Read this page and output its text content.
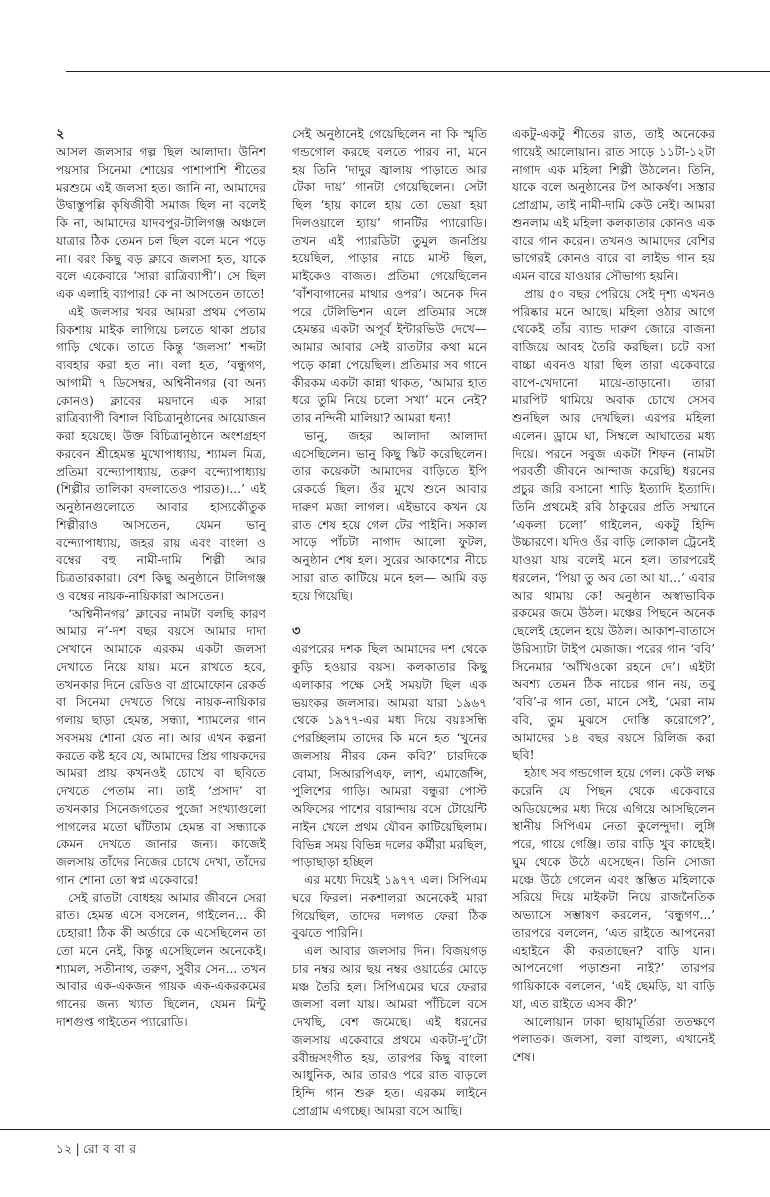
২

আসল জলসার গল্প ছিল আলাদা। উনিশ পয়সার সিনেমা শোয়ের পাশাপাশি শীতের মরশুমে এই জলসা হত। জানি না, আমাদের উদ্বাস্তুপল্লি কৃষিজীবী সমাজ ছিল না বলেই কি না, আমাদের যাদবপুর-টালিগঞ্জ অঞ্চলে যাত্রার ঠিক তেমন চল ছিল বলে মনে পড়ে না। বরং কিছু বড় ক্লাবে জলসা হত, যাকে বলে একেবারে ‘সারা রাত্রিব্যাপী’। সে ছিল এক এলাহি ব্যাপার! কে না আসতেন তাতে!

এই জলসার খবর আমরা প্রথম পেতাম রিকশায় মাইক লাগিয়ে চলতে থাকা প্রচার গাড়ি থেকে। তাতে কিন্তু ‘জলসা’ শব্দটা ব্যবহার করা হত না। বলা হত, ‘বন্ধুগণ, আগামী ৭ ডিসেম্বর, অশ্বিনীনগর (বা অন্য কোনও) ক্লাবের ময়দানে এক সারা রাত্রিব্যাপী বিশাল বিচিত্রানুষ্ঠানের আয়োজন করা হয়েছে। উক্ত বিচিত্রানুষ্ঠানে অংশগ্রহণ করবেন শ্রীহেমন্ত মুখোপাধ্যায়, শ্যামল মিত্র, প্রতিমা বন্দ্যোপাধ্যায়, তরুণ বন্দ্যোপাধ্যায় (শিল্পীর তালিকা বদলাতেও পারত)।...’ এই অনুষ্ঠানগুলোতে আবার হাস্যকৌতুক শিল্পীরাও আসতেন, যেমন ভানু বন্দ্যোপাধ্যায়, জহর রায় এবং বাংলা ও বম্বের বহু নামী-দামি শিল্পী আর চিত্রতারকারা। বেশ কিছু অনুষ্ঠানে টালিগঞ্জ ও বম্বের নায়ক-নায়িকারা আসতেন।

‘অশ্বিনীনগর’ ক্লাবের নামটা বলছি কারণ আমার ন’-দশ বছর বয়সে আমার দাদা সেখানে আমাকে এরকম একটা জলসা দেখাতে নিয়ে যায়। মনে রাখতে হবে, তখনকার দিনে রেডিও বা গ্রামোফোন রেকর্ড বা সিনেমা দেখতে গিয়ে নায়ক-নায়িকার গলায় ছাড়া হেমন্ত, সন্ধ্যা, শ্যামলের গান সবসময় শোনা যেত না। আর এখন কল্পনা করতে কষ্ট হবে যে, আমাদের প্রিয় গায়কদের আমরা প্রায় কখনওই চোখে বা ছবিতে দেখতে পেতাম না। তাই ‘প্রসাদ’ বা তখনকার সিনেজগতের পুজো সংখ্যাগুলো পাগলের মতো ঘাঁটতাম হেমন্ত বা সন্ধ্যাকে কেমন দেখতে জানার জন্য। কাজেই জলসায় তাঁদের নিজের চোখে দেখা, তাঁদের গান শোনা তো স্বপ্ন একেবারে!

সেই রাতটা বোধহয় আমার জীবনে সেরা রাত। হেমন্ত এসে বসলেন, গাইলেন... কী চেহারা! ঠিক কী অর্ডারে কে এসেছিলেন তা তো মনে নেই, কিন্তু এসেছিলেন অনেকেই। শ্যামল, সতীনাথ, তরুণ, সুবীর সেন... তখন আবার এক-একজন গায়ক এক-একরকমের গানের জন্য খ্যাত ছিলেন, যেমন মিন্টু দাশগুপ্ত গাইতেন প্যারোডি।

সেই অনুষ্ঠানেই গেয়েছিলেন না কি স্মৃতি গন্ডগোল করছে বলতে পারব না, মনে হয় তিনি ‘দাদুর জ্বালায় পাড়াতে আর টেকা দায়’ গানটা গেয়েছিলেন। সেটা ছিল ‘হায় কালে হায় তো ভেয়া হয়া দিলওয়ালে হ্যায়’ গানটির প্যারোডি। তখন এই প্যারডিটা তুমুল জনপ্রিয় হয়েছিল, পাড়ার নাচে মাস্ট ছিল, মাইকেও বাজত। প্রতিমা গেয়েছিলেন ‘বাঁশবাগানের মাথার ওপর’। অনেক দিন পরে টেলিভিশন এলে প্রতিমার সঙ্গে হেমন্তর একটা অপূর্ব ইন্টারভিউ দেখে— আমার আবার সেই রাতটার কথা মনে পড়ে কান্না পেয়েছিল। প্রতিমার সব গানে কীরকম একটা কান্না থাকত, ‘আমার হাত ধরে তুমি নিয়ে চলো সখা’ মনে নেই? তার নন্দিনী মালিয়া? আমরা ধন্য!

ভানু, জহর আলাদা আলাদা এসেছিলেন। ভানু কিছু স্কিট করেছিলেন। তার কয়েকটা আমাদের বাড়িতে ইপি রেকর্ডে ছিল। ওঁর মুখে শুনে আবার দারুণ মজা লাগল। এইভাবে কখন যে রাত শেষ হয়ে গেল টের পাইনি। সকাল সাড়ে পাঁচটা নাগাদ আলো ফুটল, অনুষ্ঠান শেষ হল। সুরের আকাশের নীচে সারা রাত কাটিয়ে মনে হল— আমি বড় হয়ে গিয়েছি।

৩

এরপরের দশক ছিল আমাদের দশ থেকে কুড়ি হওয়ার বয়স। কলকাতার কিছু এলাকার পক্ষে সেই সময়টা ছিল এক ভয়ংকর জলসার। আমরা যারা ১৯৬৭ থেকে ১৯৭৭-এর মধ্য দিয়ে বয়ঃসন্ধি পেরচ্ছিলাম তাদের কি মনে হত ‘খুনের জলসায় নীরব কেন কবি?’ চারদিকে বোমা, সিআরপিএফ, লাশ, এমার্জেন্সি, পুলিশের গাড়ি। আমরা বন্ধুরা পোস্ট অফিসের পাশের বারান্দায় বসে টোয়েন্টি নাইন খেলে প্রথম যৌবন কাটিয়েছিলাম। বিভিন্ন সময় বিভিন্ন দলের কর্মীরা মরছিল, পাড়াছাড়া হচ্ছিল

এর মধ্যে দিয়েই ১৯৭৭ এল। সিপিএম ঘরে ফিরল। নকশালরা অনেকেই মারা গিয়েছিল, তাদের দলগত ফেরা ঠিক বুঝতে পারিনি।

এল আবার জলসার দিন। বিজয়গড় চার নম্বর আর ছয় নম্বর ওয়ার্ডের মোড়ে মঞ্চ তৈরি হল। সিপিএমের ঘরে ফেরার জলসা বলা যায়। আমরা পাঁচিলে বসে দেখছি, বেশ জমেছে। এই ধরনের জলসায় একেবারে প্রথমে একটা-দু’টো রবীন্দ্রসংগীত হয়, তারপর কিছু বাংলা আধুনিক, আর তারও পরে রাত বাড়লে হিন্দি গান শুরু হত। এরকম লাইনে প্রোগ্রাম এগচ্ছে। আমরা বসে আছি।

একটু-একটু শীতের রাত, তাই অনেকের গায়েই আলোয়ান। রাত সাড়ে ১১টা-১২টা নাগাদ এক মহিলা শিল্পী উঠলেন। তিনি, যাকে বলে অনুষ্ঠানের টপ আকর্ষণ। সস্তার প্রোগ্রাম, তাই নামী-দামি কেউ নেই। আমরা শুনলাম এই মহিলা কলকাতার কোনও এক বারে গান করেন। তখনও আমাদের বেশির ভাগেরই কোনও বারে বা লাইভ গান হয় এমন বারে যাওয়ার সৌভাগ্য হয়নি।

প্রায় ৫০ বছর পেরিয়ে সেই দৃশ্য এখনও পরিষ্কার মনে আছে। মহিলা ওঠার আগে থেকেই তাঁর ব্যান্ড দারুণ জোরে বাজনা বাজিয়ে আবহ তৈরি করছিল। চটে বসা বাচ্চা এবনও যারা ছিল তারা একেবারে বাপে-খেদানো মায়ে-তাড়ানো। তারা মারপিট থামিয়ে অবাক চোখে সেসব শুনছিল আর দেখছিল। এরপর মহিলা এলেন। ড্রামে ঘা, সিম্বলে আঘাতের মধ্য দিয়ে। পরনে সবুজ একটা শিফন (নামটা পরবর্তী জীবনে আন্দাজ করেছি) ধরনের প্রচুর জরি বসানো শাড়ি ইত্যাদি ইত্যাদি। তিনি প্রথমেই রবি ঠাকুরের প্রতি সম্মানে ‘একলা চলো’ গাইলেন, একটু হিন্দি উচ্চারণে। যদিও ওঁর বাড়ি লোকাল ট্রেনেই যাওয়া যায় বলেই মনে হল। তারপরেই ধরলেন, ‘পিয়া তু অব তো আ যা...’ এবার আর থামায় কে! অনুষ্ঠান অস্বাভাবিক রকমের জমে উঠল। মঞ্চের পিছনে অনেক ছেলেই হেলেন হয়ে উঠল। আকাশ-বাতাসে উরিস্যাটা টাইপ মেজাজ। পরের গান ‘ববি’ সিনেমার ‘আঁখিওকো রহনে দে’। এইটা অবশ্য তেমন ঠিক নাচের গান নয়, তবু ‘ববি’-র গান তো, মানে সেই, ‘মেরা নাম ববি, তুম মুঝসে দোস্তি করোগে?’, আমাদের ১৪ বছর বয়সে রিলিজ করা ছবি!

হঠাৎ সব গন্ডগোল হয়ে গেল। কেউ লক্ষ করেনি যে পিছন থেকে একেবারে অডিয়েন্সের মধ্য দিয়ে এগিয়ে আসছিলেন স্থানীয় সিপিএম নেতা কুলেন্দুদা। লুঙ্গি পরে, গায়ে গেঞ্জি। তার বাড়ি খুব কাছেই। ঘুম থেকে উঠে এসেছেন। তিনি সোজা মঞ্চে উঠে গেলেন এবং স্তম্ভিত মহিলাকে সরিয়ে দিয়ে মাইকটা নিয়ে রাজনৈতিক অভ্যাসে সম্ভাষণ করলেন, ‘বন্ধুগণ...’ তারপরে বললেন, ‘এত রাইতে আপনেরা এহাইনে কী করতাছেন? বাড়ি যান। আপনেগো পড়াশুনা নাই?’ তারপর গায়িকাকে বললেন, ‘এই ছেমড়ি, যা বাড়ি যা, এত রাইতে এসব কী?’

আলোয়ান ঢাকা ছায়ামূর্তিরা ততক্ষণে পলাতক। জলসা, বলা বাহুল্য, এখানেই শেষ।

১২ | রো ব বা র
